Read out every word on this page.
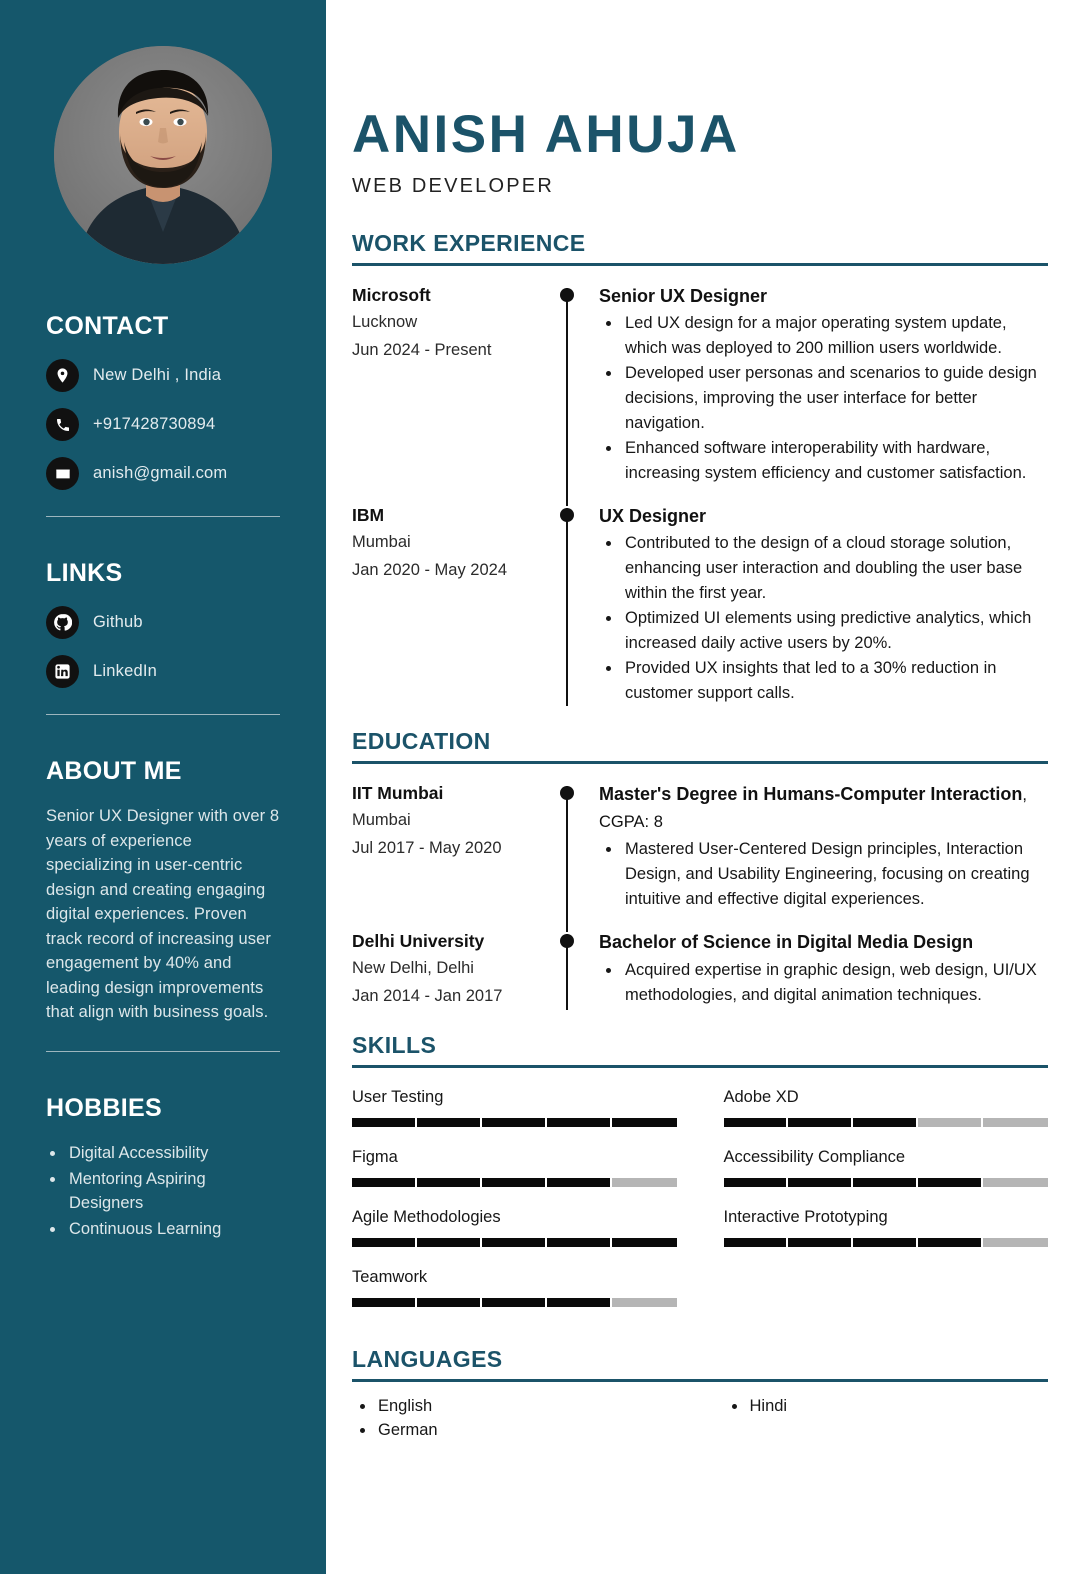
CONTACT
New Delhi , India
+917428730894
anish@gmail.com
LINKS
Github
LinkedIn
ABOUT ME

Senior UX Designer with over 8 years of experience specializing in user-centric design and creating engaging digital experiences. Proven track record of increasing user engagement by 40% and leading design improvements that align with business goals.

HOBBIES
Digital Accessibility
Mentoring Aspiring Designers
Continuous Learning
ANISH AHUJA
WEB DEVELOPER
WORK EXPERIENCE
Microsoft
Lucknow
Jun 2024 - Present
Senior UX Designer
Led UX design for a major operating system update, which was deployed to 200 million users worldwide.
Developed user personas and scenarios to guide design decisions, improving the user interface for better navigation.
Enhanced software interoperability with hardware, increasing system efficiency and customer satisfaction.
IBM
Mumbai
Jan 2020 - May 2024
UX Designer
Contributed to the design of a cloud storage solution, enhancing user interaction and doubling the user base within the first year.
Optimized UI elements using predictive analytics, which increased daily active users by 20%.
Provided UX insights that led to a 30% reduction in customer support calls.
EDUCATION
IIT Mumbai
Mumbai
Jul 2017 - May 2020
Master's Degree in Humans-Computer Interaction, CGPA: 8
Mastered User-Centered Design principles, Interaction Design, and Usability Engineering, focusing on creating intuitive and effective digital experiences.
Delhi University
New Delhi, Delhi
Jan 2014 - Jan 2017
Bachelor of Science in Digital Media Design
Acquired expertise in graphic design, web design, UI/UX methodologies, and digital animation techniques.
SKILLS
User Testing	Adobe XD
Figma	Accessibility Compliance
Agile Methodologies	Interactive Prototyping
Teamwork
LANGUAGES
English
German
Hindi
